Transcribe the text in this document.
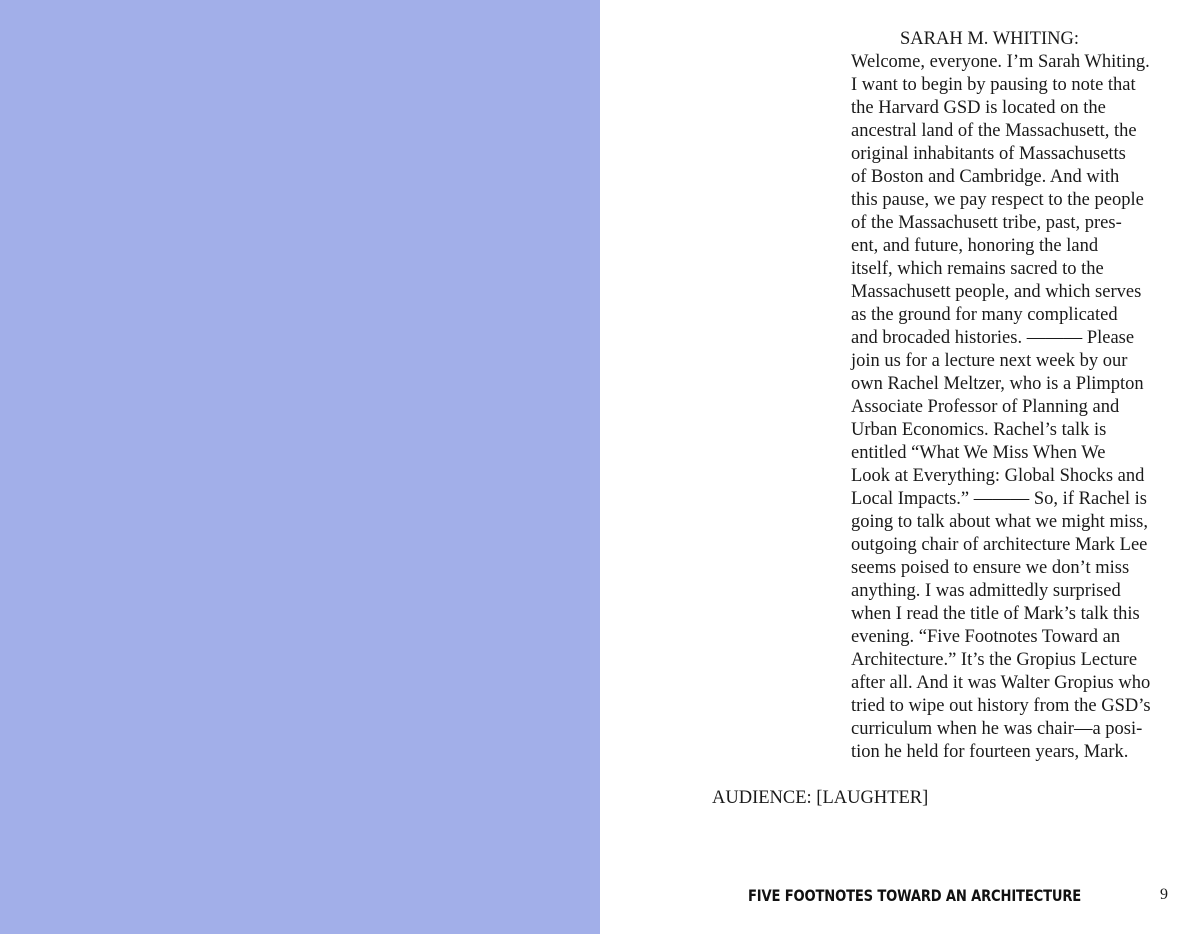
SARAH M. WHITING:
Welcome, everyone. I’m Sarah Whiting.
I want to begin by pausing to note that
the Harvard GSD is located on the
ancestral land of the Massachusett, the
original inhabitants of Massachusetts
of Boston and Cambridge. And with
this pause, we pay respect to the people
of the Massachusett tribe, past, pres-
ent, and future, honoring the land
itself, which remains sacred to the
Massachusett people, and which serves
as the ground for many complicated
and brocaded histories. ——— Please
join us for a lecture next week by our
own Rachel Meltzer, who is a Plimpton
Associate Professor of Planning and
Urban Economics. Rachel’s talk is
entitled “What We Miss When We
Look at Everything: Global Shocks and
Local Impacts.” ——— So, if Rachel is
going to talk about what we might miss,
outgoing chair of architecture Mark Lee
seems poised to ensure we don’t miss
anything. I was admittedly surprised
when I read the title of Mark’s talk this
evening. “Five Footnotes Toward an
Architecture.” It’s the Gropius Lecture
after all. And it was Walter Gropius who
tried to wipe out history from the GSD’s
curriculum when he was chair—a posi-
tion he held for fourteen years, Mark.
AUDIENCE: [LAUGHTER]
FIVE FOOTNOTES TOWARD AN ARCHITECTURE	9
